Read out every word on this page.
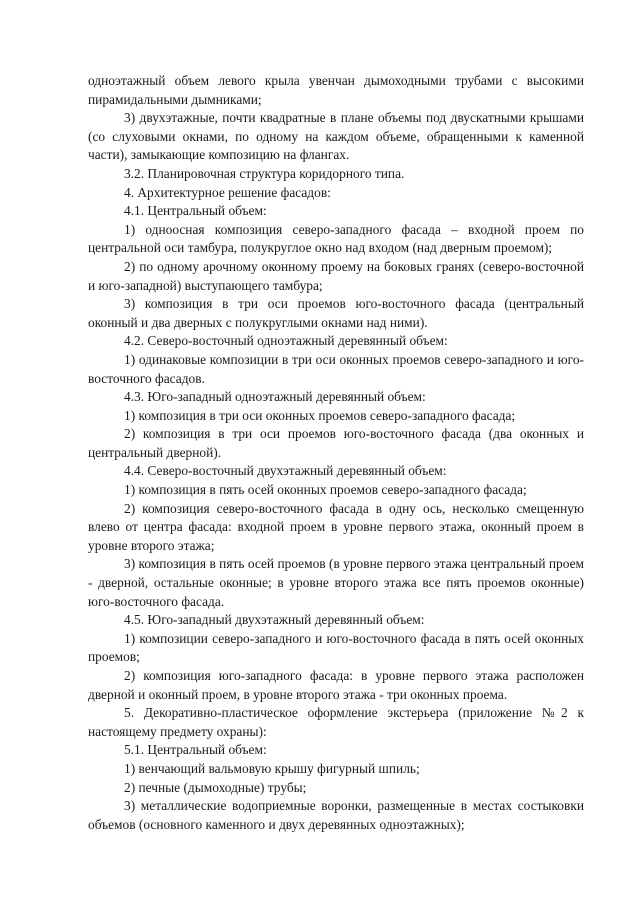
одноэтажный объем левого крыла увенчан дымоходными трубами с высокими пирамидальными дымниками;

3) двухэтажные, почти квадратные в плане объемы под двускатными крышами (со слуховыми окнами, по одному на каждом объеме, обращенными к каменной части), замыкающие композицию на флангах.

3.2. Планировочная структура коридорного типа.

4. Архитектурное решение фасадов:

4.1. Центральный объем:

1) одноосная композиция северо-западного фасада – входной проем по центральной оси тамбура, полукруглое окно над входом (над дверным проемом);

2) по одному арочному оконному проему на боковых гранях (северо-восточной и юго-западной) выступающего тамбура;

3) композиция в три оси проемов юго-восточного фасада (центральный оконный и два дверных с полукруглыми окнами над ними).

4.2. Северо-восточный одноэтажный деревянный объем:

1) одинаковые композиции в три оси оконных проемов северо-западного и юго-восточного фасадов.

4.3. Юго-западный одноэтажный деревянный объем:

1) композиция в три оси оконных проемов северо-западного фасада;

2) композиция в три оси проемов юго-восточного фасада (два оконных и центральный дверной).

4.4. Северо-восточный двухэтажный деревянный объем:

1) композиция в пять осей оконных проемов северо-западного фасада;

2) композиция северо-восточного фасада в одну ось, несколько смещенную влево от центра фасада: входной проем в уровне первого этажа, оконный проем в уровне второго этажа;

3) композиция в пять осей проемов (в уровне первого этажа центральный проем - дверной, остальные оконные; в уровне второго этажа все пять проемов оконные) юго-восточного фасада.

4.5. Юго-западный двухэтажный деревянный объем:

1) композиции северо-западного и юго-восточного фасада в пять осей оконных проемов;

2) композиция юго-западного фасада: в уровне первого этажа расположен дверной и оконный проем, в уровне второго этажа - три оконных проема.

5. Декоративно-пластическое оформление экстерьера (приложение №2 к настоящему предмету охраны):

5.1. Центральный объем:

1) венчающий вальмовую крышу фигурный шпиль;

2) печные (дымоходные) трубы;

3) металлические водоприемные воронки, размещенные в местах состыковки объемов (основного каменного и двух деревянных одноэтажных);
